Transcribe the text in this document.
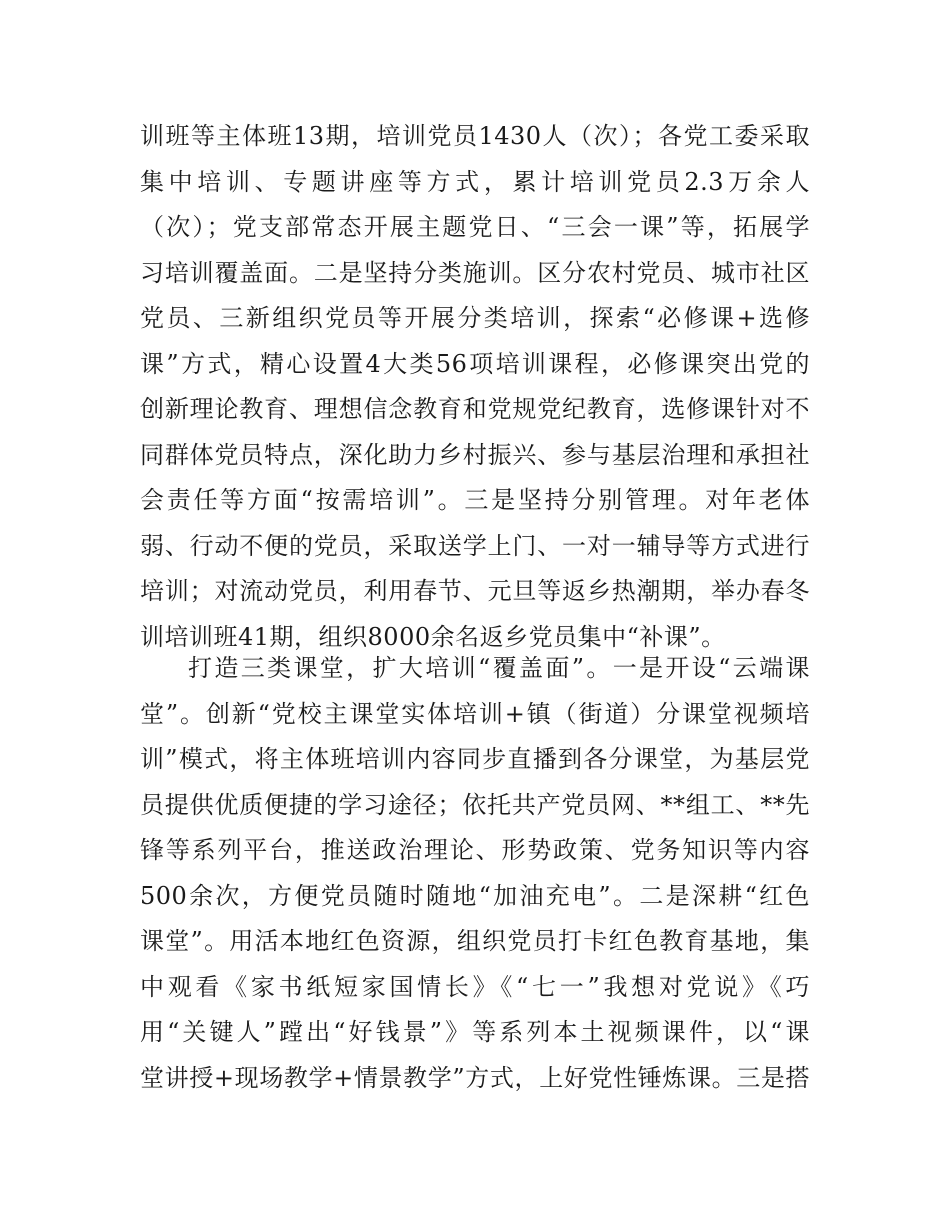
训班等主体班13期，培训党员1430人（次）；各党工委采取
集中培训、专题讲座等方式，累计培训党员2.3万余人
（次）；党支部常态开展主题党日、“三会一课”等，拓展学
习培训覆盖面。二是坚持分类施训。区分农村党员、城市社区
党员、三新组织党员等开展分类培训，探索“必修课+选修
课”方式，精心设置4大类56项培训课程，必修课突出党的
创新理论教育、理想信念教育和党规党纪教育，选修课针对不
同群体党员特点，深化助力乡村振兴、参与基层治理和承担社
会责任等方面“按需培训”。三是坚持分别管理。对年老体
弱、行动不便的党员，采取送学上门、一对一辅导等方式进行
培训；对流动党员，利用春节、元旦等返乡热潮期，举办春冬
训培训班41期，组织8000余名返乡党员集中“补课”。
打造三类课堂，扩大培训“覆盖面”。一是开设“云端课
堂”。创新“党校主课堂实体培训+镇（街道）分课堂视频培
训”模式，将主体班培训内容同步直播到各分课堂，为基层党
员提供优质便捷的学习途径；依托共产党员网、**组工、**先
锋等系列平台，推送政治理论、形势政策、党务知识等内容
500余次，方便党员随时随地“加油充电”。二是深耕“红色
课堂”。用活本地红色资源，组织党员打卡红色教育基地，集
中观看《家书纸短家国情长》《“七一”我想对党说》《巧
用“关键人”蹚出“好钱景”》等系列本土视频课件，以“课
堂讲授+现场教学+情景教学”方式，上好党性锤炼课。三是搭
